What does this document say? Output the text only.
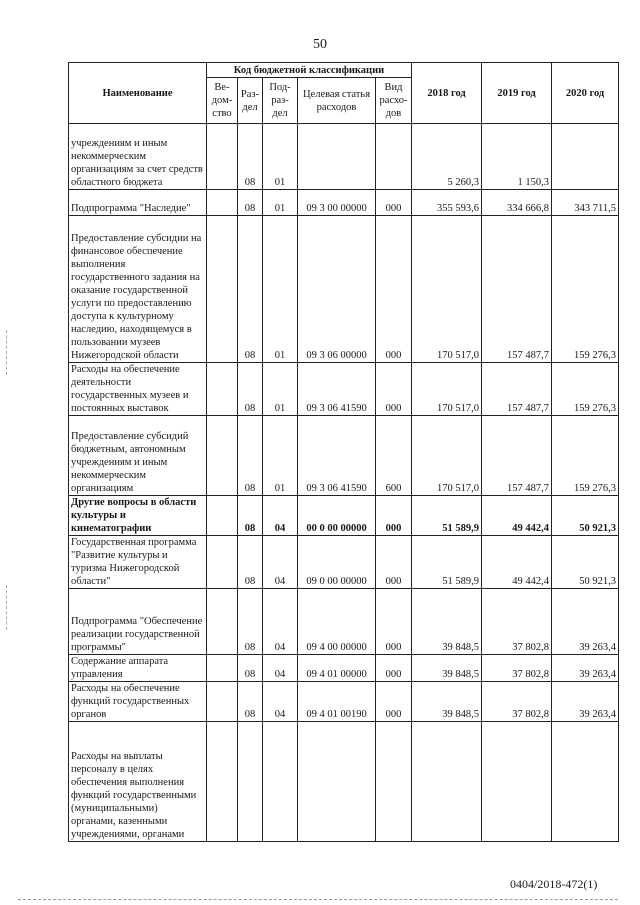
50
Наименование	Код бюджетной классификации					2018 год	2019 год	2020 год
	Ве-дом-ство	Раз-дел	Под-раз-дел	Целевая статья расходов	Вид расхо-дов			
учреждениям и иным некоммерческим организациям за счет средств областного бюджета		08	01			5 260,3	1 150,3	
Подпрограмма "Наследие"		08	01	09 3 00 00000	000	355 593,6	334 666,8	343 711,5
Предоставление субсидии на финансовое обеспечение выполнения государственного задания на оказание государственной услуги по предоставлению доступа к культурному наследию, находящемуся в пользовании музеев Нижегородской области		08	01	09 3 06 00000	000	170 517,0	157 487,7	159 276,3
Расходы на обеспечение деятельности государственных музеев и постоянных выставок		08	01	09 3 06 41590	000	170 517,0	157 487,7	159 276,3
Предоставление субсидий бюджетным, автономным учреждениям и иным некоммерческим организациям		08	01	09 3 06 41590	600	170 517,0	157 487,7	159 276,3
Другие вопросы в области культуры и кинематографии		08	04	00 0 00 00000	000	51 589,9	49 442,4	50 921,3
Государственная программа "Развитие культуры и туризма Нижегородской области"		08	04	09 0 00 00000	000	51 589,9	49 442,4	50 921,3
Подпрограмма "Обеспечение реализации государственной программы"		08	04	09 4 00 00000	000	39 848,5	37 802,8	39 263,4
Содержание аппарата управления		08	04	09 4 01 00000	000	39 848,5	37 802,8	39 263,4
Расходы на обеспечение функций государственных органов		08	04	09 4 01 00190	000	39 848,5	37 802,8	39 263,4
Расходы на выплаты персоналу в целях обеспечения выполнения функций государственными (муниципальными) органами, казенными учреждениями, органами								
0404/2018-472(1)
